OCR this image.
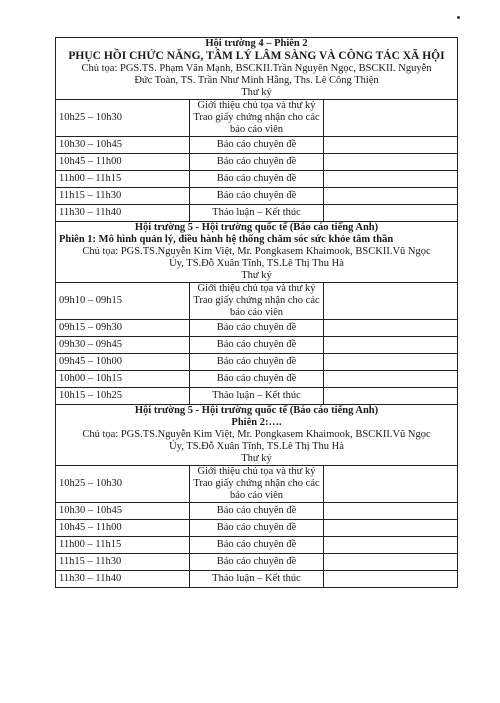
Hội trường 4 – Phiên 2
PHỤC HỒI CHỨC NĂNG, TÂM LÝ LÂM SÀNG VÀ CÔNG TÁC XÃ HỘI
Chủ tọa: PGS.TS. Phạm Văn Mạnh, BSCKII.Trần Nguyên Ngọc, BSCKII. Nguyễn
Đức Toàn, TS. Trần Như Minh Hằng, Ths. Lê Công Thiện
Thư ký		

10h25 – 10h30	Giới thiệu chủ tọa và thư ký
Trao giấy chứng nhận cho các báo cáo viên	

10h30 – 10h45	Báo cáo chuyên đề	
10h45 – 11h00	Báo cáo chuyên đề	
11h00 – 11h15	Báo cáo chuyên đề	
11h15 – 11h30	Báo cáo chuyên đề	
11h30 – 11h40	Thảo luận – Kết thúc	

Hội trường 5 - Hội trường quốc tế (Báo cáo tiếng Anh)
Phiên 1: Mô hình quản lý, điều hành hệ thống chăm sóc sức khỏe tâm thần
Chủ tọa: PGS.TS.Nguyễn Kim Việt, Mr. Pongkasem Khaimook, BSCKII.Vũ Ngọc
Úy, TS.Đỗ Xuân Tĩnh, TS.Lê Thị Thu Hà
Thư ký		

09h10 – 09h15	Giới thiệu chủ tọa và thư ký
Trao giấy chứng nhận cho các báo cáo viên	

09h15 – 09h30	Báo cáo chuyên đề	
09h30 – 09h45	Báo cáo chuyên đề	
09h45 – 10h00	Báo cáo chuyên đề	
10h00 – 10h15	Báo cáo chuyên đề	
10h15 – 10h25	Thảo luận – Kết thúc	

Hội trường 5 - Hội trường quốc tế (Báo cáo tiếng Anh)
Phiên 2:….
Chủ tọa: PGS.TS.Nguyễn Kim Việt, Mr. Pongkasem Khaimook, BSCKII.Vũ Ngọc
Úy, TS.Đỗ Xuân Tĩnh, TS.Lê Thị Thu Hà
Thư ký		

10h25 – 10h30	Giới thiệu chủ tọa và thư ký
Trao giấy chứng nhận cho các báo cáo viên	

10h30 – 10h45	Báo cáo chuyên đề	
10h45 – 11h00	Báo cáo chuyên đề	
11h00 – 11h15	Báo cáo chuyên đề	
11h15 – 11h30	Báo cáo chuyên đề	
11h30 – 11h40	Thảo luận – Kết thúc	
